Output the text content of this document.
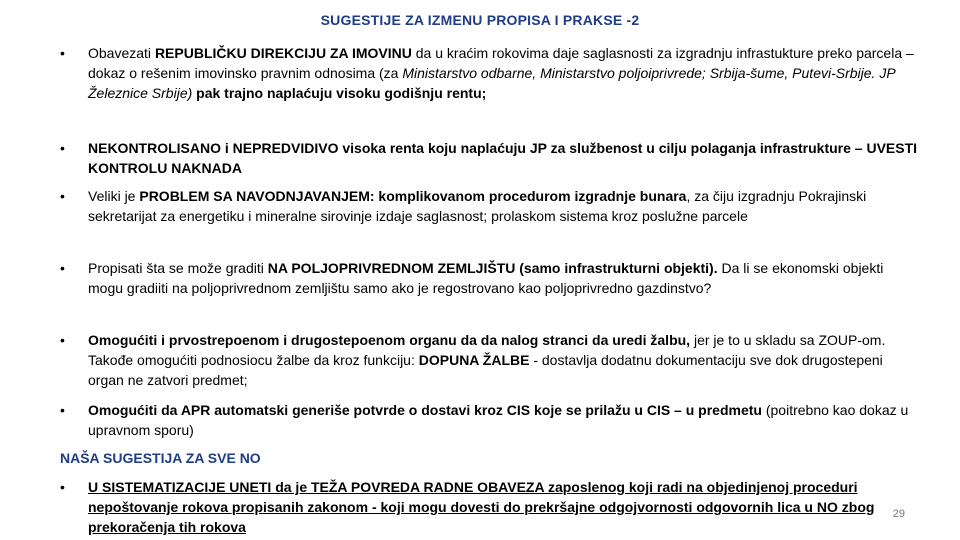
SUGESTIJE ZA IZMENU PROPISA I PRAKSE -2
• Obavezati REPUBLIČKU DIREKCIJU ZA IMOVINU da u kraćim rokovima daje saglasnosti za izgradnju infrastukture preko parcela – dokaz o rešenim imovinsko pravnim odnosima (za Ministarstvo odbarne, Ministarstvo poljoiprivrede; Srbija-šume, Putevi-Srbije. JP Železnice Srbije) pak trajno naplaćuju visoku godišnju rentu;
• NEKONTROLISANO i NEPREDVIDIVO visoka renta koju naplaćuju JP za službenost u cilju polaganja infrastrukture – UVESTI KONTROLU NAKNADA
• Veliki je PROBLEM SA NAVODNJAVANJEM: komplikovanom procedurom izgradnje bunara, za čiju izgradnju Pokrajinski sekretarijat za energetiku i mineralne sirovinje izdaje saglasnost; prolaskom sistema kroz poslužne parcele
• Propisati šta se može graditi NA POLJOPRIVREDNOM ZEMLJIŠTU (samo infrastrukturni objekti). Da li se ekonomski objekti mogu gradiiti na poljoprivrednom zemljištu samo ako je regostrovano kao poljoprivredno gazdinstvo?
• Omogućiti i prvostrepoenom i drugostepoenom organu da da nalog stranci da uredi žalbu, jer je to u skladu sa ZOUP-om. Takođe omogućiti podnosiocu žalbe da kroz funkciju: DOPUNA ŽALBE - dostavlja dodatnu dokumentaciju sve dok drugostepeni organ ne zatvori predmet;
• Omogućiti da APR automatski generiše potvrde o dostavi kroz CIS koje se prilažu u CIS – u predmetu (poitrebno kao dokaz u upravnom sporu)
NAŠA SUGESTIJA ZA SVE NO
• U SISTEMATIZACIJE UNETI da je TEŽA POVREDA RADNE OBAVEZA zaposlenog koji radi na objedinjenoj proceduri nepoštovanje rokova propisanih zakonom - koji mogu dovesti do prekršajne odgojvornosti odgovornih lica u NO zbog prekoračenja tih rokova
29
